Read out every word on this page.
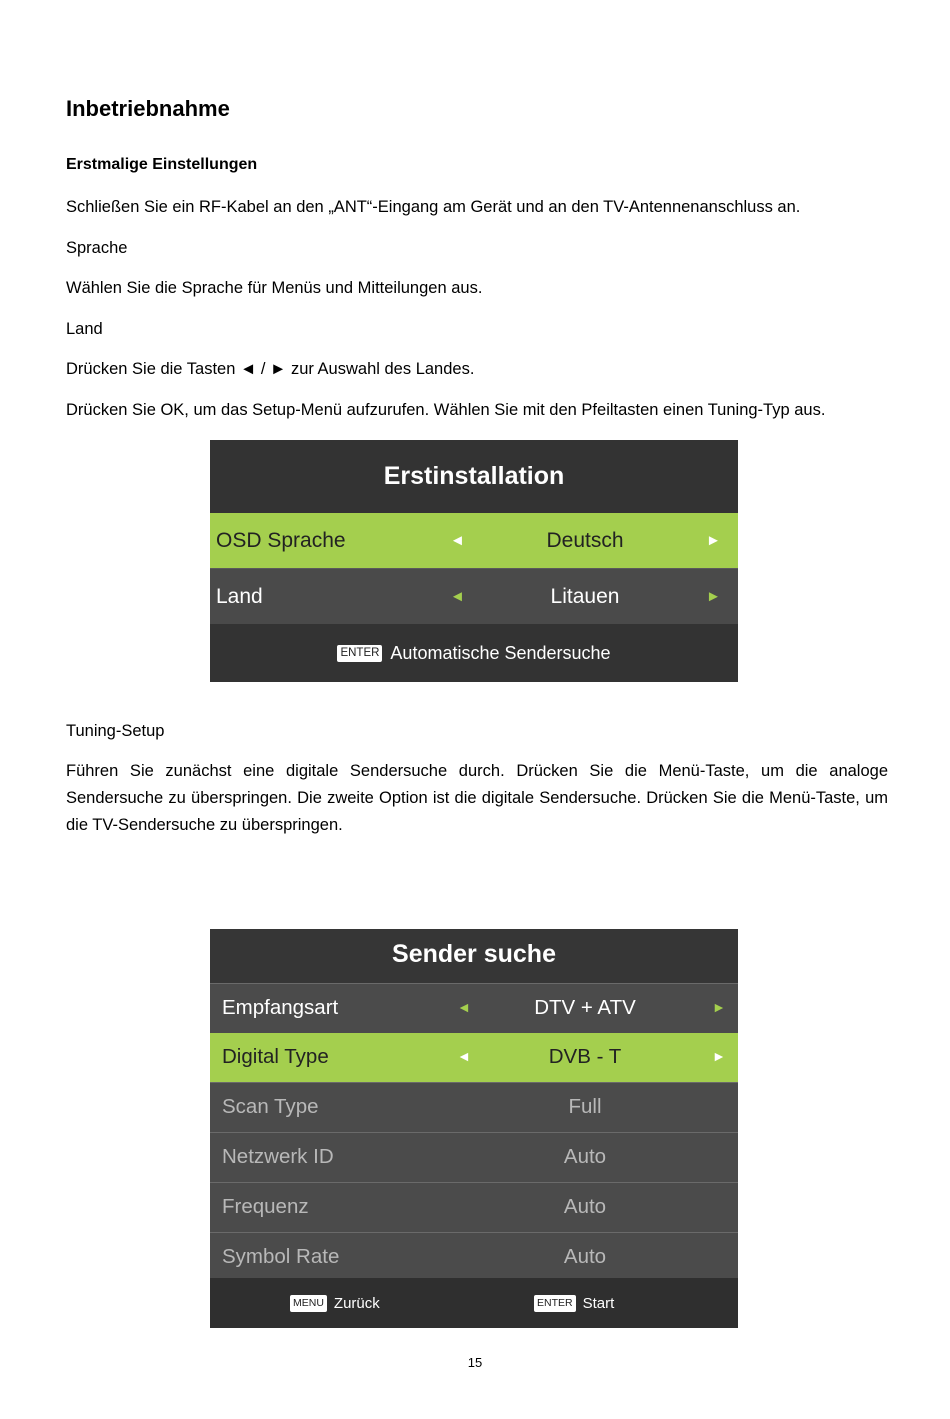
Inbetriebnahme
Erstmalige Einstellungen
Schließen Sie ein RF-Kabel an den „ANT“-Eingang am Gerät und an den TV-Antennenanschluss an.
Sprache
Wählen Sie die Sprache für Menüs und Mitteilungen aus.
Land
Drücken Sie die Tasten ◄ / ► zur Auswahl des Landes.
Drücken Sie OK, um das Setup-Menü aufzurufen. Wählen Sie mit den Pfeiltasten einen Tuning-Typ aus.
Erstinstallation
OSD Sprache	◄	Deutsch	►
Land	◄	Litauen	►
ENTER Automatische Sendersuche
Tuning-Setup
Führen Sie zunächst eine digitale Sendersuche durch. Drücken Sie die Menü-Taste, um die analoge Sendersuche zu überspringen. Die zweite Option ist die digitale Sendersuche. Drücken Sie die Menü-Taste, um die TV-Sendersuche zu überspringen.
Sender suche
Empfangsart	◄	DTV + ATV	►
Digital Type	◄	DVB - T	►
Scan Type	Full
Netzwerk ID	Auto
Frequenz	Auto
Symbol Rate	Auto
MENU Zurück	ENTER Start
15
